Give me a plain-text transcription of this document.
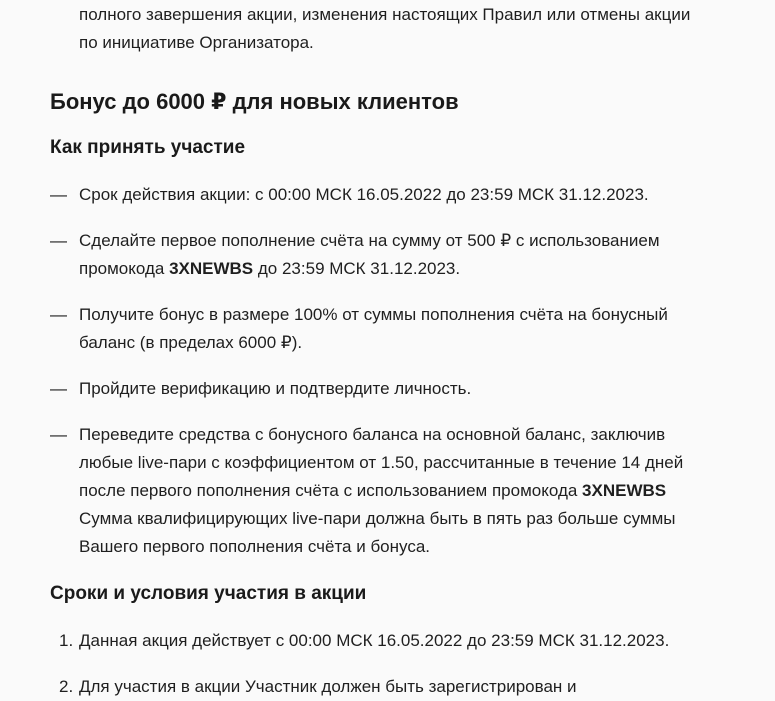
полного завершения акции, изменения настоящих Правил или отмены акции
по инициативе Организатора.
Бонус до 6000 ₽ для новых клиентов
Как принять участие
— Срок действия акции: с 00:00 МСК 16.05.2022 до 23:59 МСК 31.12.2023.
— Сделайте первое пополнение счёта на сумму от 500 ₽ с использованием
промокода 3XNEWBS до 23:59 МСК 31.12.2023.
— Получите бонус в размере 100% от суммы пополнения счёта на бонусный
баланс (в пределах 6000 ₽).
— Пройдите верификацию и подтвердите личность.
— Переведите средства с бонусного баланса на основной баланс, заключив
любые live-пари с коэффициентом от 1.50, рассчитанные в течение 14 дней
после первого пополнения счёта с использованием промокода 3XNEWBS
Сумма квалифицирующих live-пари должна быть в пять раз больше суммы
Вашего первого пополнения счёта и бонуса.
Сроки и условия участия в акции
1. Данная акция действует с 00:00 МСК 16.05.2022 до 23:59 МСК 31.12.2023.
2. Для участия в акции Участник должен быть зарегистрирован и
